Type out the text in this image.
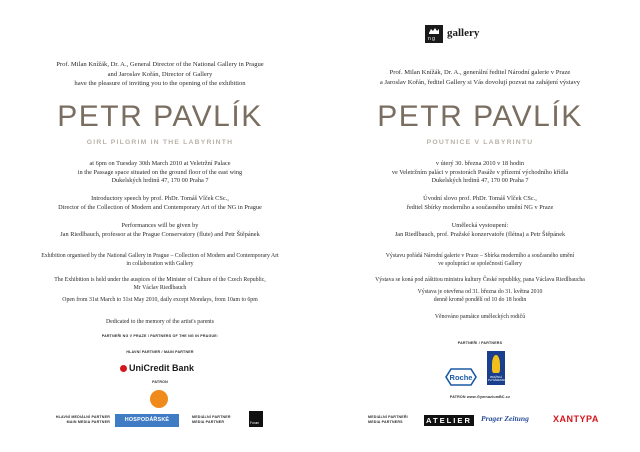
Prof. Milan Knížák, Dr. A., General Director of the National Gallery in Prague
and Jaroslav Kořán, Director of Gallery
have the pleasure of inviting you to the opening of the exhibition
PETR PAVLÍK
GIRL PILGRIM IN THE LABYRINTH
at 6pm on Tuesday 30th March 2010 at Veletržní Palace
in the Passage space situated on the ground floor of the east wing
Dukelských hrdinů 47, 170 00 Praha 7
Introductory speech by prof. PhDr. Tomáš Vlček CSc.,
Director of the Collection of Modern and Contemporary Art of the NG in Prague
Performances will be given by
Jan Riedlbauch, professor at the Prague Conservatory (flute) and Petr Štěpánek
Exhibition organised by the National Gallery in Prague – Collection of Modern and Contemporary Art
in collaboration with Gallery
The Exhibition is held under the auspices of the Minister of Culture of the Czech Republic,
Mr Václav Riedlbauch
Open from 31st March to 31st May 2010, daily except Mondays, from 10am to 6pm
Dedicated to the memory of the artist's parents
PARTNEŘI NG V PRAZE / PARTNERS OF THE NG IN PRAGUE:
HLAVNÍ PARTNER / MAIN PARTNER
UniCredit Bank
PATRON
HLAVNÍ MEDIÁLNÍ PARTNER
MAIN MEDIA PARTNER	HOSPODÁŘSKÉ NOVINY
MEDIÁLNÍ PARTNER
MEDIA PARTNER	Forum
n g gallery
Prof. Milan Knížák, Dr. A., generální ředitel Národní galerie v Praze
a Jaroslav Kořán, ředitel Gallery si Vás dovolují pozvat na zahájení výstavy
PETR PAVLÍK
POUTNICE V LABYRINTU
v úterý 30. března 2010 v 18 hodin
ve Veletržním paláci v prostorách Pasáže v přízemí východního křídla
Dukelských hrdinů 47, 170 00 Praha 7
Úvodní slovo prof. PhDr. Tomáš Vlček CSc.,
ředitel Sbírky moderního a současného umění NG v Praze
Umělecká vystoupení:
Jan Riedlbauch, prof. Pražské konzervatoře (flétna) a Petr Štěpánek
Výstavu pořádá Národní galerie v Praze – Sbírka moderního a současného umění
ve spolupráci se společností Gallery
Výstava se koná pod záštitou ministra kultury České republiky, pana Václava Riedlbaucha
Výstava je otevřena od 31. března do 31. května 2010
denně kromě pondělí od 10 do 18 hodin
Věnováno památce uměleckých rodičů
PARTNEŘI / PARTNERS
Roche	PRAŽSKÁ PLYNÁRENSKÁ
PATRON www.GymnaziumBC.cz
MEDIÁLNÍ PARTNEŘI
MEDIA PARTNERS	ATELIER Prager Zeitung	XANTYPA
